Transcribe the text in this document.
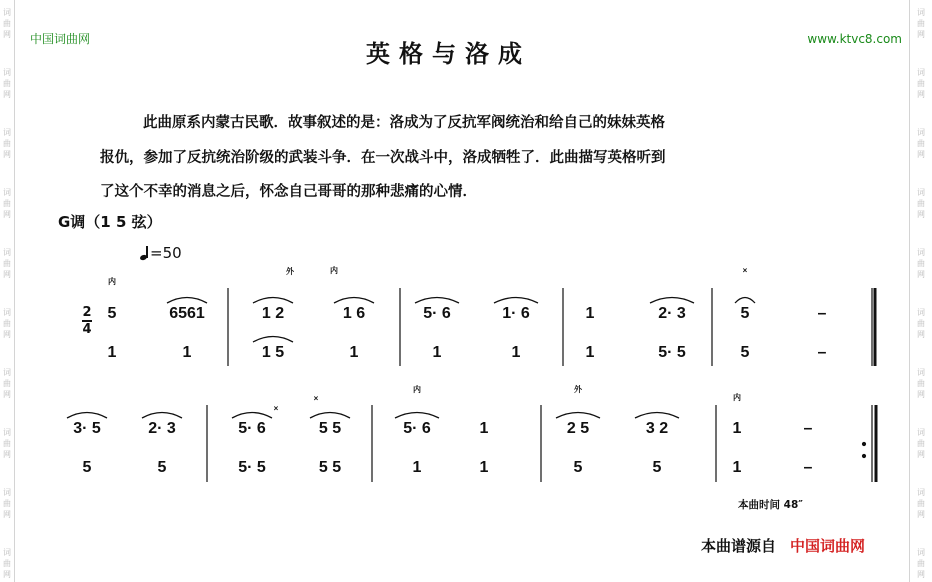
词
曲
网
词
曲
网
词
曲
网
词
曲
网
词
曲
网
词
曲
网
词
曲
网
词
曲
网
词
曲
网
词
曲
网
词
曲
网
词
曲
网
词
曲
网
词
曲
网
词
曲
网
词
曲
网
词
曲
网
词
曲
网
词
曲
网
词
曲
网
中国词曲网	www.ktvc8.com
英格与洛成
此曲原系内蒙古民歌．故事叙述的是：洛成为了反抗军阀统治和给自己的妹妹英格
报仇，参加了反抗统治阶级的武装斗争．在一次战斗中，洛成牺牲了．此曲描写英格听到
了这个不幸的消息之后，怀念自己哥哥的那种悲痛的心情．
G调（1 5 弦）
=50
2
4
5	6561	1 2	1 6	5· 6	1· 6	1	2· 3	5	–
1	1	1 5	1	1	1	1	5· 5	5	–
3· 5	2· 3	5· 6	5 5	5· 6	1	2 5	3 2	1	–
5	5	5· 5	5 5	1	1	5	5	1	–
内
外	内	×
×
×
内	外
内
本曲时间 48″
本曲谱源自 中国词曲网
